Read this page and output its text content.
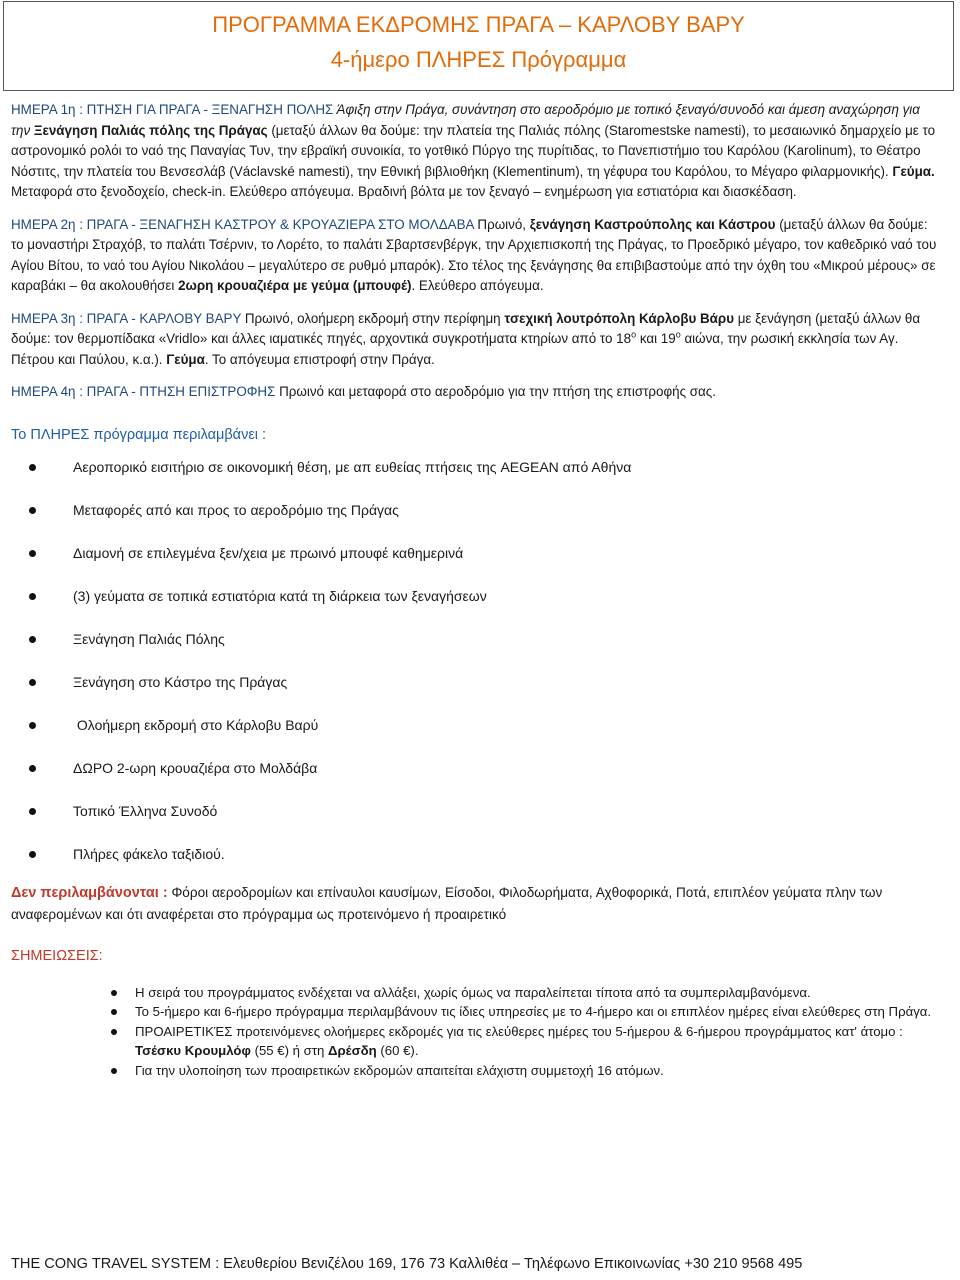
ΠΡΟΓΡΑΜΜΑ ΕΚΔΡΟΜΗΣ ΠΡΑΓΑ – ΚΑΡΛΟΒΥ ΒΑΡΥ
4-ήμερο ΠΛΗΡΕΣ Πρόγραμμα

ΗΜΕΡΑ 1η : ΠΤΗΣΗ ΓΙΑ ΠΡΑΓΑ - ΞΕΝΑΓΗΣΗ ΠΟΛΗΣ Άφιξη στην Πράγα, συνάντηση στο αεροδρόμιο με τοπικό ξεναγό/συνοδό και άμεση αναχώρηση για την Ξενάγηση Παλιάς πόλης της Πράγας (μεταξύ άλλων θα δούμε: την πλατεία της Παλιάς πόλης (Staromestske namesti), το μεσαιωνικό δημαρχείο με το αστρονομικό ρολόι το ναό της Παναγίας Τυν, την εβραϊκή συνοικία, το γοτθικό Πύργο της πυρίτιδας, το Πανεπιστήμιο του Καρόλου (Karolinum), το Θέατρο Νόστιτς, την πλατεία του Βενσεσλάβ (Václavské namesti), την Εθνική βιβλιοθήκη (Klementinum), τη γέφυρα του Καρόλου, το Μέγαρο φιλαρμονικής). Γεύμα. Μεταφορά στο ξενοδοχείο, check-in. Ελεύθερο απόγευμα. Βραδινή βόλτα με τον ξεναγό – ενημέρωση για εστιατόρια και διασκέδαση.

ΗΜΕΡΑ 2η : ΠΡΑΓΑ - ΞΕΝΑΓΗΣΗ ΚΑΣΤΡΟΥ & ΚΡΟΥΑΖΙΕΡΑ ΣΤΟ ΜΟΛΔΑΒΑ Πρωινό, ξενάγηση Καστρούπολης και Κάστρου (μεταξύ άλλων θα δούμε: το μοναστήρι Στραχόβ, το παλάτι Τσέρνιν, το Λορέτο, το παλάτι Σβαρτσενβέργκ, την Αρχιεπισκοπή της Πράγας, το Προεδρικό μέγαρο, τον καθεδρικό ναό του Αγίου Βίτου, το ναό του Αγίου Νικολάου – μεγαλύτερο σε ρυθμό μπαρόκ). Στο τέλος της ξενάγησης θα επιβιβαστούμε από την όχθη του «Μικρού μέρους» σε καραβάκι – θα ακολουθήσει 2ωρη κρουαζιέρα με γεύμα (μπουφέ). Ελεύθερο απόγευμα.

ΗΜΕΡΑ 3η : ΠΡΑΓΑ - ΚΑΡΛΟΒΥ ΒΑΡΥ Πρωινό, ολοήμερη εκδρομή στην περίφημη τσεχική λουτρόπολη Κάρλοβυ Βάρυ με ξενάγηση (μεταξύ άλλων θα δούμε: τον θερμοπίδακα «Vridlo» και άλλες ιαματικές πηγές, αρχοντικά συγκροτήματα κτηρίων από το $18^o$ και $19^o$ αιώνα, την ρωσική εκκλησία των Αγ. Πέτρου και Παύλου, κ.α.). Γεύμα. Το απόγευμα επιστροφή στην Πράγα.

ΗΜΕΡΑ 4η : ΠΡΑΓΑ - ΠΤΗΣΗ ΕΠΙΣΤΡΟΦΗΣ Πρωινό και μεταφορά στο αεροδρόμιο για την πτήση της επιστροφής σας.

Το ΠΛΗΡΕΣ πρόγραμμα περιλαμβάνει :
Αεροπορικό εισιτήριο σε οικονομική θέση, με απ ευθείας πτήσεις της AEGEAN από Αθήνα
Μεταφορές από και προς το αεροδρόμιο της Πράγας
Διαμονή σε επιλεγμένα ξεν/χεια με πρωινό μπουφέ καθημερινά
(3) γεύματα σε τοπικά εστιατόρια κατά τη διάρκεια των ξεναγήσεων
Ξενάγηση Παλιάς Πόλης
Ξενάγηση στο Κάστρο της Πράγας
Ολοήμερη εκδρομή στο Κάρλοβυ Βαρύ
ΔΩΡΟ 2-ωρη κρουαζιέρα στο Μολδάβα
Τοπικό Έλληνα Συνοδό
Πλήρες φάκελο ταξιδιού.
Δεν περιλαμβάνονται : Φόροι αεροδρομίων και επίναυλοι καυσίμων, Είσοδοι, Φιλοδωρήματα, Αχθοφορικά, Ποτά, επιπλέον γεύματα πλην των αναφερομένων και ότι αναφέρεται στο πρόγραμμα ως προτεινόμενο ή προαιρετικό
ΣΗΜΕΙΩΣΕΙΣ:
Η σειρά του προγράμματος ενδέχεται να αλλάξει, χωρίς όμως να παραλείπεται τίποτα από τα συμπεριλαμβανόμενα.
Το 5-ήμερο και 6-ήμερο πρόγραμμα περιλαμβάνουν τις ίδιες υπηρεσίες με το 4-ήμερο και οι επιπλέον ημέρες είναι ελεύθερες στη Πράγα.
ΠΡΟΑΙΡΕΤΙΚΈΣ προτεινόμενες ολοήμερες εκδρομές για τις ελεύθερες ημέρες του 5-ήμερου & 6-ήμερου προγράμματος κατ' άτομο : Τσέσκυ Κρουμλόφ (55 €) ή στη Δρέσδη (60 €).
Για την υλοποίηση των προαιρετικών εκδρομών απαιτείται ελάχιστη συμμετοχή 16 ατόμων.
THE CONG TRAVEL SYSTEM : Ελευθερίου Βενιζέλου 169, 176 73 Καλλιθέα – Τηλέφωνο Επικοινωνίας +30 210 9568 495
